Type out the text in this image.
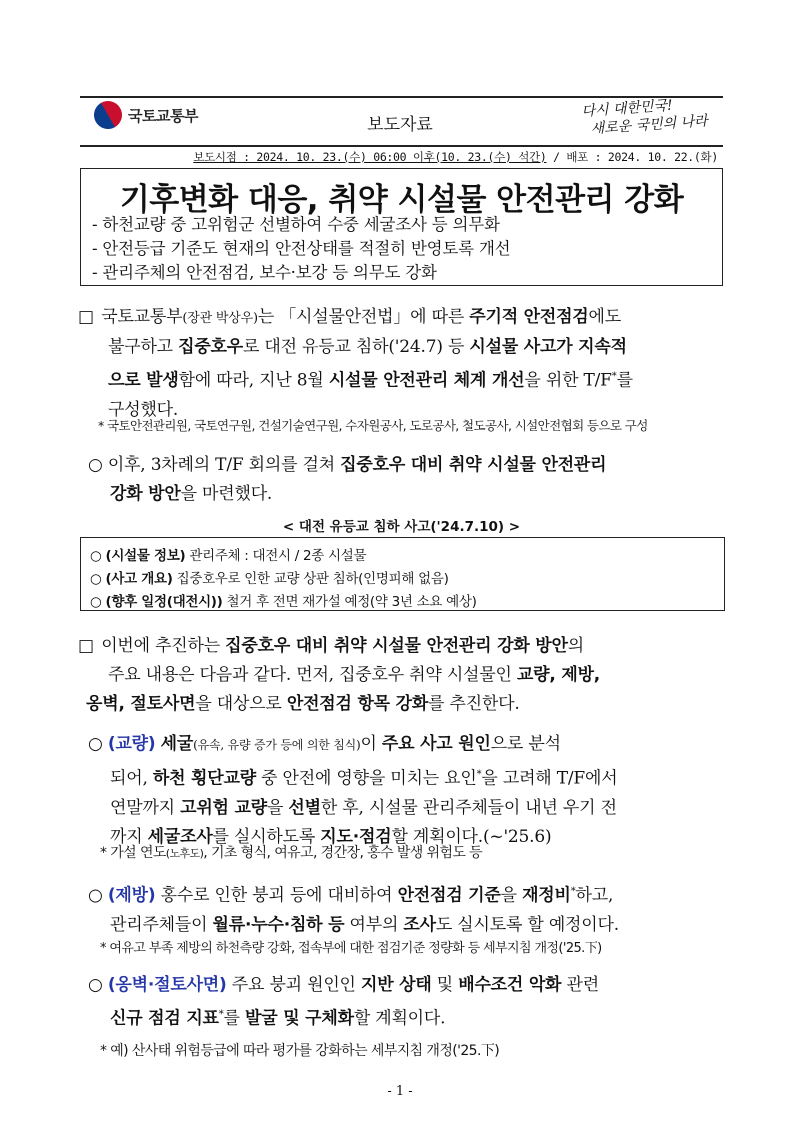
국토교통부	보도자료
다시 대한민국!
새로운 국민의 나라
보도시점 : 2024. 10. 23.(수) 06:00 이후(10. 23.(수) 석간) / 배포 : 2024. 10. 22.(화)
기후변화 대응, 취약 시설물 안전관리 강화
- 하천교량 중 고위험군 선별하여 수중 세굴조사 등 의무화
- 안전등급 기준도 현재의 안전상태를 적절히 반영토록 개선
- 관리주체의 안전점검, 보수·보강 등 의무도 강화
□ 국토교통부(장관 박상우)는 「시설물안전법」에 따른 주기적 안전점검에도
불구하고 집중호우로 대전 유등교 침하('24.7) 등 시설물 사고가 지속적
으로 발생함에 따라, 지난 8월 시설물 안전관리 체계 개선을 위한 T/F*를
구성했다.
* 국토안전관리원, 국토연구원, 건설기술연구원, 수자원공사, 도로공사, 철도공사, 시설안전협회 등으로 구성
○ 이후, 3차례의 T/F 회의를 걸쳐 집중호우 대비 취약 시설물 안전관리
강화 방안을 마련했다.
< 대전 유등교 침하 사고('24.7.10) >
○ (시설물 정보) 관리주체 : 대전시 / 2종 시설물
○ (사고 개요) 집중호우로 인한 교량 상판 침하(인명피해 없음)
○ (향후 일정(대전시)) 철거 후 전면 재가설 예정(약 3년 소요 예상)
□ 이번에 추진하는 집중호우 대비 취약 시설물 안전관리 강화 방안의
주요 내용은 다음과 같다. 먼저, 집중호우 취약 시설물인 교량, 제방,
옹벽, 절토사면을 대상으로 안전점검 항목 강화를 추진한다.
○ (교량) 세굴(유속, 유량 증가 등에 의한 침식)이 주요 사고 원인으로 분석
되어, 하천 횡단교량 중 안전에 영향을 미치는 요인*을 고려해 T/F에서
연말까지 고위험 교량을 선별한 후, 시설물 관리주체들이 내년 우기 전
까지 세굴조사를 실시하도록 지도·점검할 계획이다.(~'25.6)
* 가설 연도(노후도), 기초 형식, 여유고, 경간장, 홍수 발생 위험도 등
○ (제방) 홍수로 인한 붕괴 등에 대비하여 안전점검 기준을 재정비*하고,
관리주체들이 월류·누수·침하 등 여부의 조사도 실시토록 할 예정이다.
* 여유고 부족 제방의 하천측량 강화, 접속부에 대한 점검기준 정량화 등 세부지침 개정('25.下)
○ (옹벽·절토사면) 주요 붕괴 원인인 지반 상태 및 배수조건 악화 관련
신규 점검 지표*를 발굴 및 구체화할 계획이다.
* 예) 산사태 위험등급에 따라 평가를 강화하는 세부지침 개정('25.下)
- 1 -
